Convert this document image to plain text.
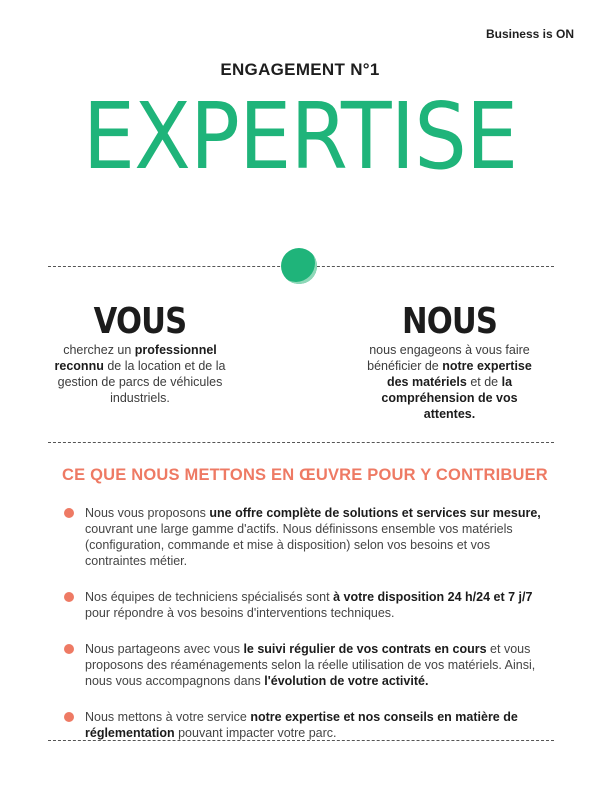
Business is ON
ENGAGEMENT N°1
EXPERTISE
VOUS
cherchez un professionnel reconnu de la location et de la gestion de parcs de véhicules industriels.
NOUS
nous engageons à vous faire bénéficier de notre expertise des matériels et de la compréhension de vos attentes.
CE QUE NOUS METTONS EN ŒUVRE POUR Y CONTRIBUER
Nous vous proposons une offre complète de solutions et services sur mesure, couvrant une large gamme d'actifs. Nous définissons ensemble vos matériels (configuration, commande et mise à disposition) selon vos besoins et vos contraintes métier.
Nos équipes de techniciens spécialisés sont à votre disposition 24 h/24 et 7 j/7 pour répondre à vos besoins d'interventions techniques.
Nous partageons avec vous le suivi régulier de vos contrats en cours et vous proposons des réaménagements selon la réelle utilisation de vos matériels. Ainsi, nous vous accompagnons dans l'évolution de votre activité.
Nous mettons à votre service notre expertise et nos conseils en matière de réglementation pouvant impacter votre parc.
